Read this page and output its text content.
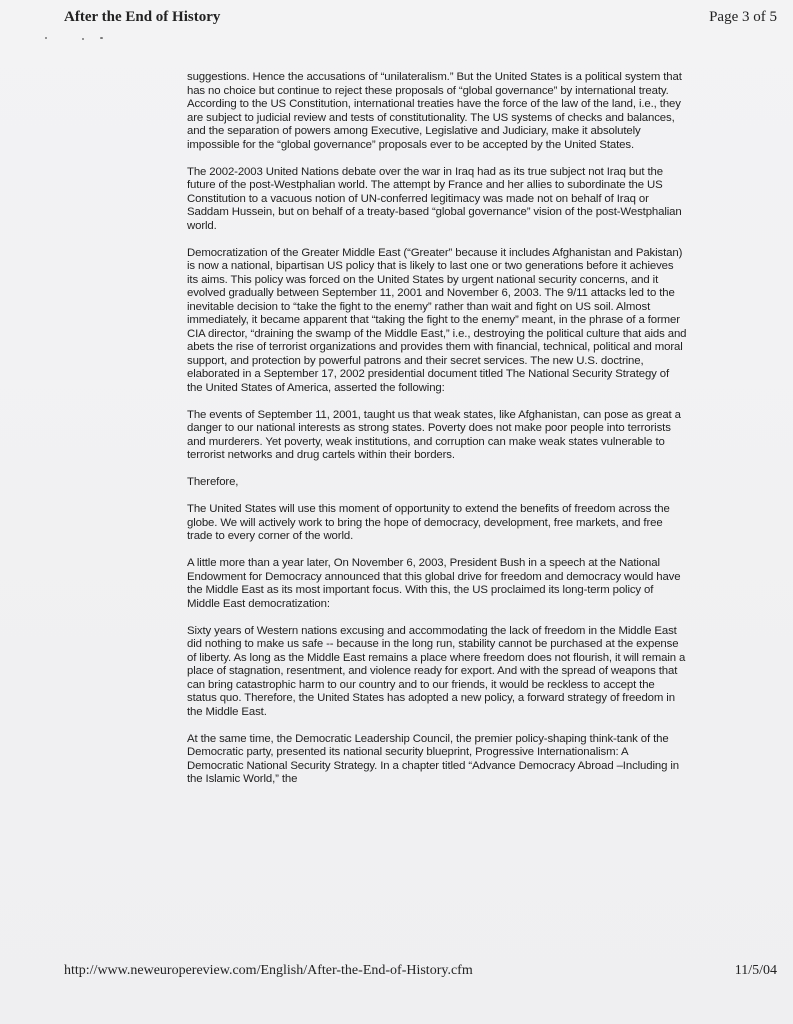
After the End of History	Page 3 of 5

suggestions. Hence the accusations of “unilateralism.” But the United States is a political system that has no choice but continue to reject these proposals of “global governance” by international treaty. According to the US Constitution, international treaties have the force of the law of the land, i.e., they are subject to judicial review and tests of constitutionality. The US systems of checks and balances, and the separation of powers among Executive, Legislative and Judiciary, make it absolutely impossible for the “global governance” proposals ever to be accepted by the United States.

The 2002-2003 United Nations debate over the war in Iraq had as its true subject not Iraq but the future of the post-Westphalian world. The attempt by France and her allies to subordinate the US Constitution to a vacuous notion of UN-conferred legitimacy was made not on behalf of Iraq or Saddam Hussein, but on behalf of a treaty-based “global governance” vision of the post-Westphalian world.

Democratization of the Greater Middle East (“Greater” because it includes Afghanistan and Pakistan) is now a national, bipartisan US policy that is likely to last one or two generations before it achieves its aims. This policy was forced on the United States by urgent national security concerns, and it evolved gradually between September 11, 2001 and November 6, 2003. The 9/11 attacks led to the inevitable decision to “take the fight to the enemy” rather than wait and fight on US soil. Almost immediately, it became apparent that “taking the fight to the enemy” meant, in the phrase of a former CIA director, “draining the swamp of the Middle East,” i.e., destroying the political culture that aids and abets the rise of terrorist organizations and provides them with financial, technical, political and moral support, and protection by powerful patrons and their secret services. The new U.S. doctrine, elaborated in a September 17, 2002 presidential document titled The National Security Strategy of the United States of America, asserted the following:

The events of September 11, 2001, taught us that weak states, like Afghanistan, can pose as great a danger to our national interests as strong states. Poverty does not make poor people into terrorists and murderers. Yet poverty, weak institutions, and corruption can make weak states vulnerable to terrorist networks and drug cartels within their borders.

Therefore,

The United States will use this moment of opportunity to extend the benefits of freedom across the globe. We will actively work to bring the hope of democracy, development, free markets, and free trade to every corner of the world.

A little more than a year later, On November 6, 2003, President Bush in a speech at the National Endowment for Democracy announced that this global drive for freedom and democracy would have the Middle East as its most important focus. With this, the US proclaimed its long-term policy of Middle East democratization:

Sixty years of Western nations excusing and accommodating the lack of freedom in the Middle East did nothing to make us safe -- because in the long run, stability cannot be purchased at the expense of liberty. As long as the Middle East remains a place where freedom does not flourish, it will remain a place of stagnation, resentment, and violence ready for export. And with the spread of weapons that can bring catastrophic harm to our country and to our friends, it would be reckless to accept the status quo. Therefore, the United States has adopted a new policy, a forward strategy of freedom in the Middle East.

At the same time, the Democratic Leadership Council, the premier policy-shaping think-tank of the Democratic party, presented its national security blueprint, Progressive Internationalism: A Democratic National Security Strategy. In a chapter titled “Advance Democracy Abroad –Including in the Islamic World,” the

http://www.neweuropereview.com/English/After-the-End-of-History.cfm	11/5/04
